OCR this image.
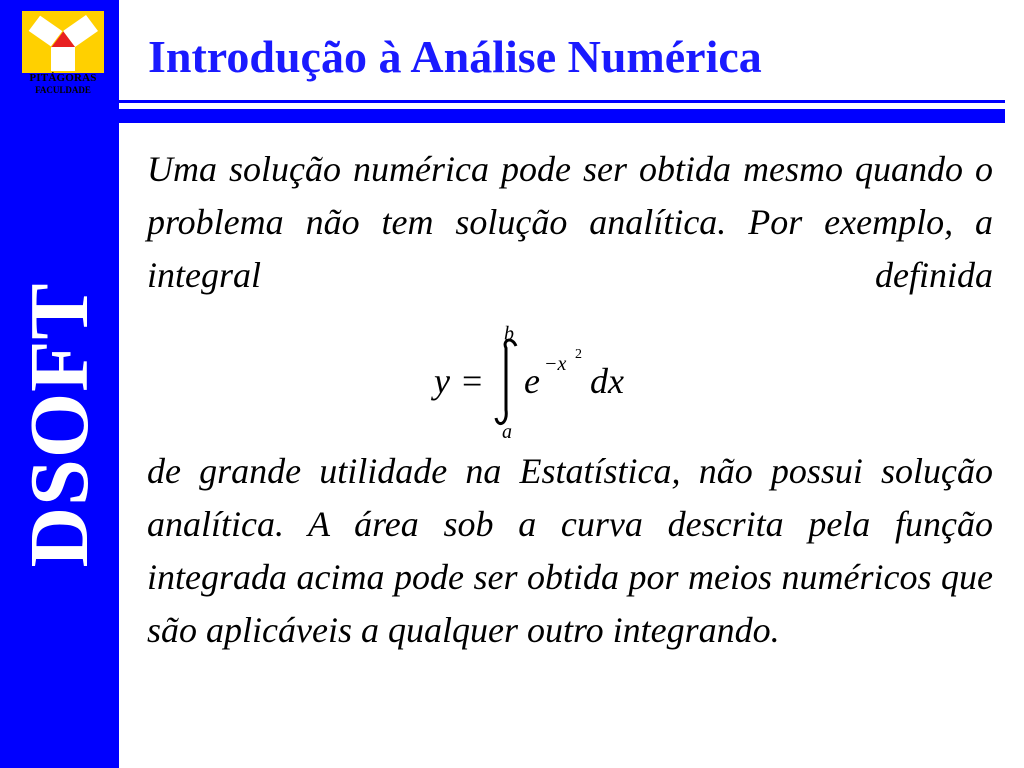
PITÁGORAS
FACULDADE
DSOFT
Introdução à Análise Numérica
Uma solução numérica pode ser obtida mesmo quando o problema não tem solução analítica. Por exemplo, a integral definida
y =
b
a
e −x 2
dx
de grande utilidade na Estatística, não possui solução analítica. A área sob a curva descrita pela função integrada acima pode ser obtida por meios numéricos que são aplicáveis a qualquer outro integrando.
